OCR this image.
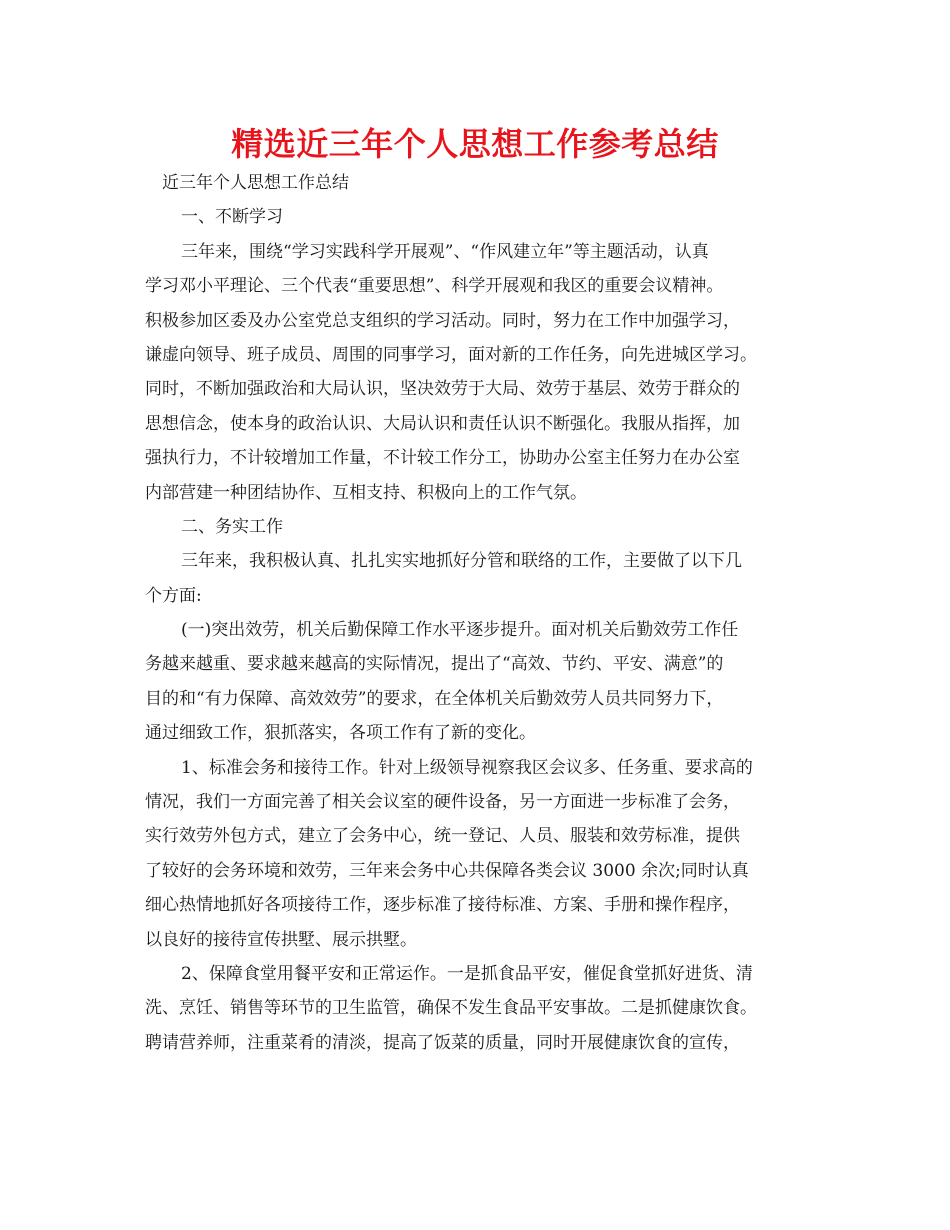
精选近三年个人思想工作参考总结
近三年个人思想工作总结
一、不断学习
三年来，围绕“学习实践科学开展观”、“作风建立年”等主题活动，认真
学习邓小平理论、三个代表“重要思想”、科学开展观和我区的重要会议精神。
积极参加区委及办公室党总支组织的学习活动。同时，努力在工作中加强学习，
谦虚向领导、班子成员、周围的同事学习，面对新的工作任务，向先进城区学习。
同时，不断加强政治和大局认识，坚决效劳于大局、效劳于基层、效劳于群众的
思想信念，使本身的政治认识、大局认识和责任认识不断强化。我服从指挥，加
强执行力，不计较增加工作量，不计较工作分工，协助办公室主任努力在办公室
内部营建一种团结协作、互相支持、积极向上的工作气氛。
二、务实工作
三年来，我积极认真、扎扎实实地抓好分管和联络的工作，主要做了以下几
个方面:
(一)突出效劳，机关后勤保障工作水平逐步提升。面对机关后勤效劳工作任
务越来越重、要求越来越高的实际情况，提出了“高效、节约、平安、满意”的
目的和“有力保障、高效效劳”的要求，在全体机关后勤效劳人员共同努力下，
通过细致工作，狠抓落实，各项工作有了新的变化。
1、标准会务和接待工作。针对上级领导视察我区会议多、任务重、要求高的
情况，我们一方面完善了相关会议室的硬件设备，另一方面进一步标准了会务，
实行效劳外包方式，建立了会务中心，统一登记、人员、服装和效劳标准，提供
了较好的会务环境和效劳，三年来会务中心共保障各类会议 3000 余次;同时认真
细心热情地抓好各项接待工作，逐步标准了接待标准、方案、手册和操作程序，
以良好的接待宣传拱墅、展示拱墅。
2、保障食堂用餐平安和正常运作。一是抓食品平安，催促食堂抓好进货、清
洗、烹饪、销售等环节的卫生监管，确保不发生食品平安事故。二是抓健康饮食。
聘请营养师，注重菜肴的清淡，提高了饭菜的质量，同时开展健康饮食的宣传，
